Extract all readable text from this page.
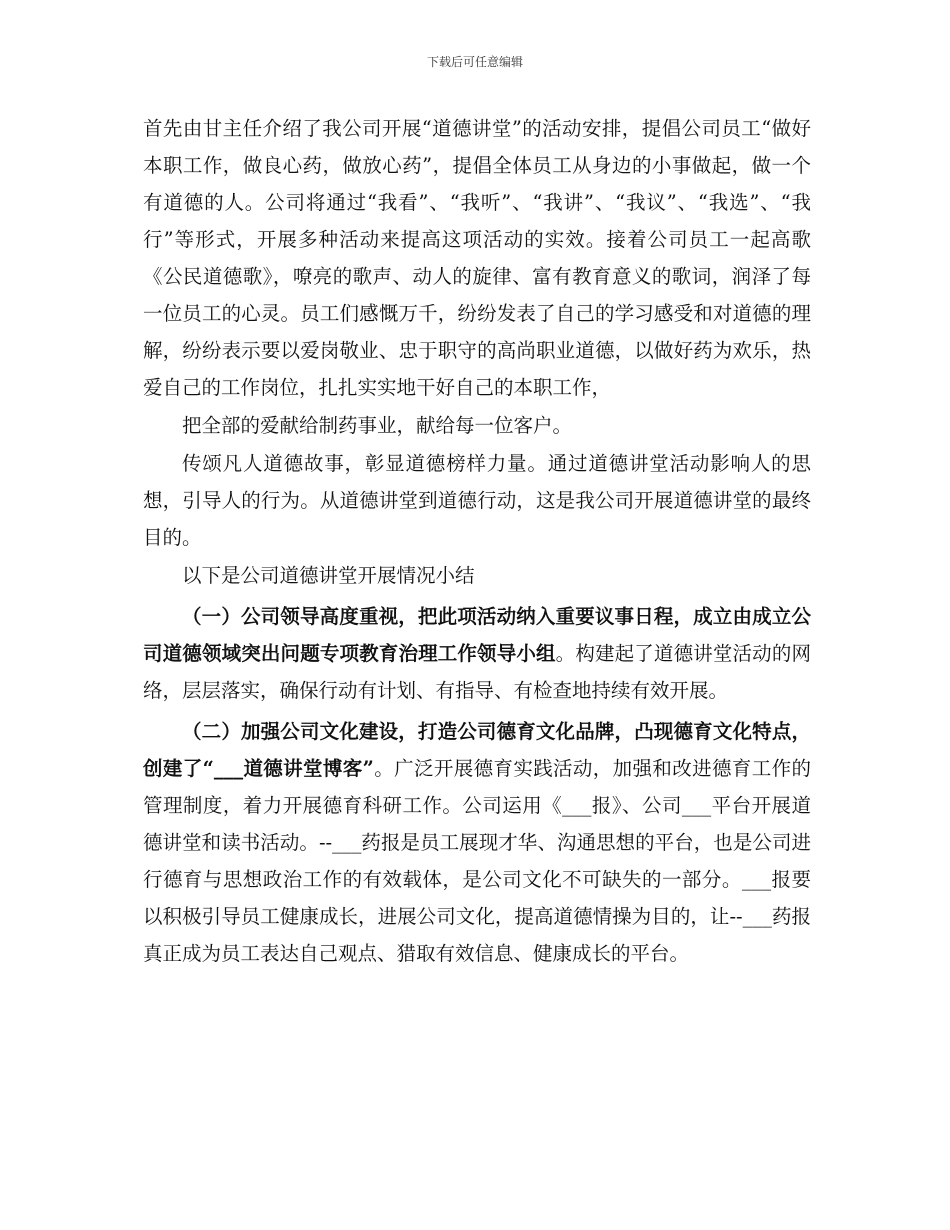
下载后可任意编辑

首先由甘主任介绍了我公司开展“道德讲堂”的活动安排，提倡公司员工“做好本职工作，做良心药，做放心药”，提倡全体员工从身边的小事做起，做一个有道德的人。公司将通过“我看”、“我听”、“我讲”、“我议”、“我选”、“我行”等形式，开展多种活动来提高这项活动的实效。接着公司员工一起高歌《公民道德歌》，嘹亮的歌声、动人的旋律、富有教育意义的歌词，润泽了每一位员工的心灵。员工们感慨万千，纷纷发表了自己的学习感受和对道德的理解，纷纷表示要以爱岗敬业、忠于职守的高尚职业道德，以做好药为欢乐，热爱自己的工作岗位，扎扎实实地干好自己的本职工作，

把全部的爱献给制药事业，献给每一位客户。

传颂凡人道德故事，彰显道德榜样力量。通过道德讲堂活动影响人的思想，引导人的行为。从道德讲堂到道德行动，这是我公司开展道德讲堂的最终目的。

以下是公司道德讲堂开展情况小结

（一）公司领导高度重视，把此项活动纳入重要议事日程，成立由成立公司道德领域突出问题专项教育治理工作领导小组。构建起了道德讲堂活动的网络，层层落实，确保行动有计划、有指导、有检查地持续有效开展。

（二）加强公司文化建设，打造公司德育文化品牌，凸现德育文化特点，创建了“___道德讲堂博客”。广泛开展德育实践活动，加强和改进德育工作的管理制度，着力开展德育科研工作。公司运用《___报》、公司___平台开展道德讲堂和读书活动。--___药报是员工展现才华、沟通思想的平台，也是公司进行德育与思想政治工作的有效载体，是公司文化不可缺失的一部分。___报要以积极引导员工健康成长，进展公司文化，提高道德情操为目的，让--___药报真正成为员工表达自己观点、猎取有效信息、健康成长的平台。
